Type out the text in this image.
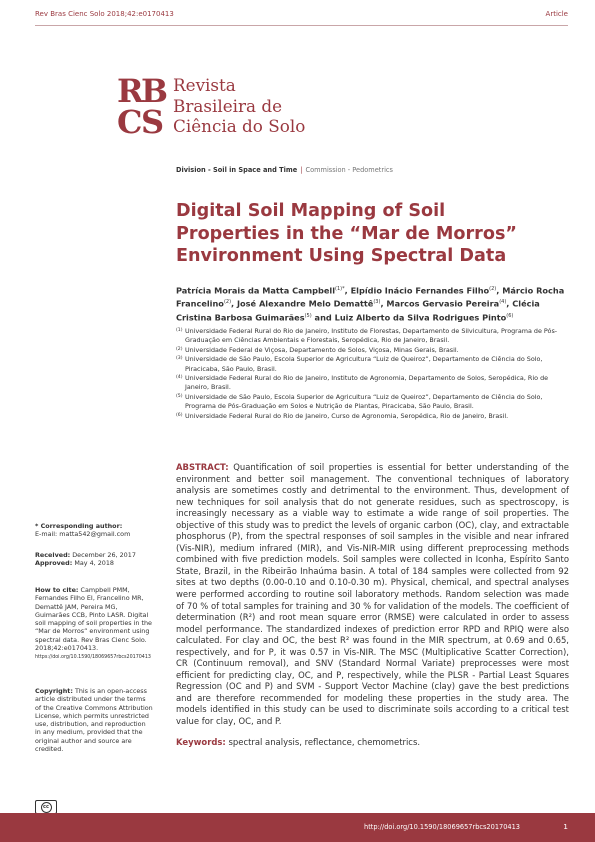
Rev Bras Cienc Solo 2018;42:e0170413	Article
R
B
C
S
Revista
Brasileira de
Ciência do Solo
Division - Soil in Space and Time | Commission - Pedometrics
Digital Soil Mapping of Soil
Properties in the “Mar de Morros”
Environment Using Spectral Data
Patrícia Morais da Matta Campbell$^{(1)*}$, Elpídio Inácio Fernandes Filho$^{(2)}$, Márcio Rocha Francelino$^{(2)}$, José Alexandre Melo Demattê$^{(3)}$, Marcos Gervasio Pereira$^{(4)}$, Clécia Cristina Barbosa Guimarães$^{(5)}$ and Luiz Alberto da Silva Rodrigues Pinto$^{(6)}$
(1) Universidade Federal Rural do Rio de Janeiro, Instituto de Florestas, Departamento de Silvicultura, Programa de Pós-Graduação em Ciências Ambientais e Florestais, Seropédica, Rio de Janeiro, Brasil.
(2) Universidade Federal de Viçosa, Departamento de Solos, Viçosa, Minas Gerais, Brasil.
(3) Universidade de São Paulo, Escola Superior de Agricultura “Luiz de Queiroz”, Departamento de Ciência do Solo, Piracicaba, São Paulo, Brasil.
(4) Universidade Federal Rural do Rio de Janeiro, Instituto de Agronomia, Departamento de Solos, Seropédica, Rio de Janeiro, Brasil.
(5) Universidade de São Paulo, Escola Superior de Agricultura “Luiz de Queiroz”, Departamento de Ciência do Solo, Programa de Pós-Graduação em Solos e Nutrição de Plantas, Piracicaba, São Paulo, Brasil.
(6) Universidade Federal Rural do Rio de Janeiro, Curso de Agronomia, Seropédica, Rio de Janeiro, Brasil.
* Corresponding author:
E-mail: matta542@gmail.com
Received: December 26, 2017
Approved: May 4, 2018
How to cite: Campbell PMM, Fernandes Filho EI, Francelino MR, Demattê JAM, Pereira MG, Guimarães CCB, Pinto LASR. Digital soil mapping of soil properties in the “Mar de Morros” environment using spectral data. Rev Bras Cienc Solo. 2018;42:e0170413.
https://doi.org/10.1590/18069657rbcs20170413
Copyright: This is an open-access article distributed under the terms of the Creative Commons Attribution License, which permits unrestricted use, distribution, and reproduction in any medium, provided that the original author and source are credited.
cc
ABSTRACT: Quantification of soil properties is essential for better understanding of the environment and better soil management. The conventional techniques of laboratory analysis are sometimes costly and detrimental to the environment. Thus, development of new techniques for soil analysis that do not generate residues, such as spectroscopy, is increasingly necessary as a viable way to estimate a wide range of soil properties. The objective of this study was to predict the levels of organic carbon (OC), clay, and extractable phosphorus (P), from the spectral responses of soil samples in the visible and near infrared (Vis-NIR), medium infrared (MIR), and Vis-NIR-MIR using different preprocessing methods combined with five prediction models. Soil samples were collected in Iconha, Espírito Santo State, Brazil, in the Ribeirão Inhaúma basin. A total of 184 samples were collected from 92 sites at two depths (0.00-0.10 and 0.10-0.30 m). Physical, chemical, and spectral analyses were performed according to routine soil laboratory methods. Random selection was made of 70 % of total samples for training and 30 % for validation of the models. The coefficient of determination (R²) and root mean square error (RMSE) were calculated in order to assess model performance. The standardized indexes of prediction error RPD and RPIQ were also calculated. For clay and OC, the best R² was found in the MIR spectrum, at 0.69 and 0.65, respectively, and for P, it was 0.57 in Vis-NIR. The MSC (Multiplicative Scatter Correction), CR (Continuum removal), and SNV (Standard Normal Variate) preprocesses were most efficient for predicting clay, OC, and P, respectively, while the PLSR - Partial Least Squares Regression (OC and P) and SVM - Support Vector Machine (clay) gave the best predictions and are therefore recommended for modeling these properties in the study area. The models identified in this study can be used to discriminate soils according to a critical test value for clay, OC, and P.
Keywords: spectral analysis, reflectance, chemometrics.
http://doi.org/10.1590/18069657rbcs20170413	1
